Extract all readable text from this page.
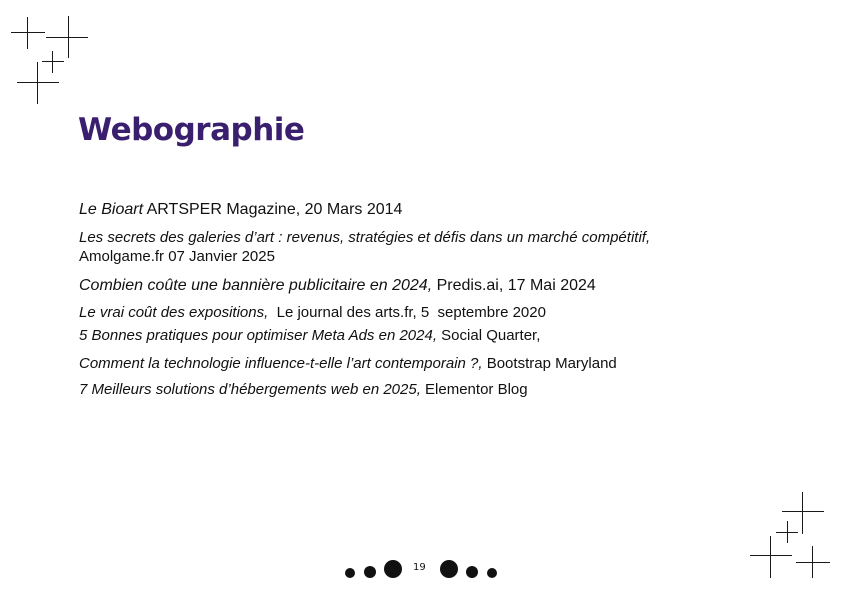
Webographie
Le Bioart ARTSPER Magazine, 20 Mars 2014
Les secrets des galeries d’art : revenus, stratégies et défis dans un marché compétitif,
Amolgame.fr 07 Janvier 2025
Combien coûte une bannière publicitaire en 2024, Predis.ai, 17 Mai 2024
Le vrai coût des expositions,  Le journal des arts.fr, 5  septembre 2020
5 Bonnes pratiques pour optimiser Meta Ads en 2024, Social Quarter,
Comment la technologie influence-t-elle l’art contemporain ?, Bootstrap Maryland
7 Meilleurs solutions d’hébergements web en 2025, Elementor Blog
19
